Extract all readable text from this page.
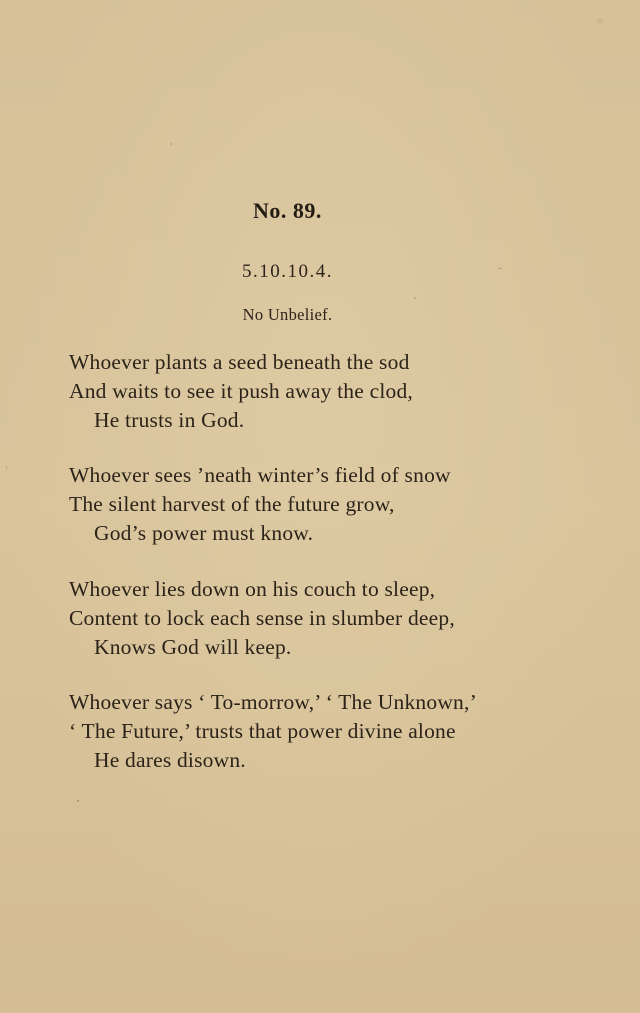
No. 89.
5.10.10.4.
No Unbelief.
Whoever plants a seed beneath the sod
And waits to see it push away the clod,
He trusts in God.
Whoever sees ’neath winter’s field of snow
The silent harvest of the future grow,
God’s power must know.
Whoever lies down on his couch to sleep,
Content to lock each sense in slumber deep,
Knows God will keep.
Whoever says ‘ To-morrow,’ ‘ The Unknown,’
‘ The Future,’ trusts that power divine alone
He dares disown.
